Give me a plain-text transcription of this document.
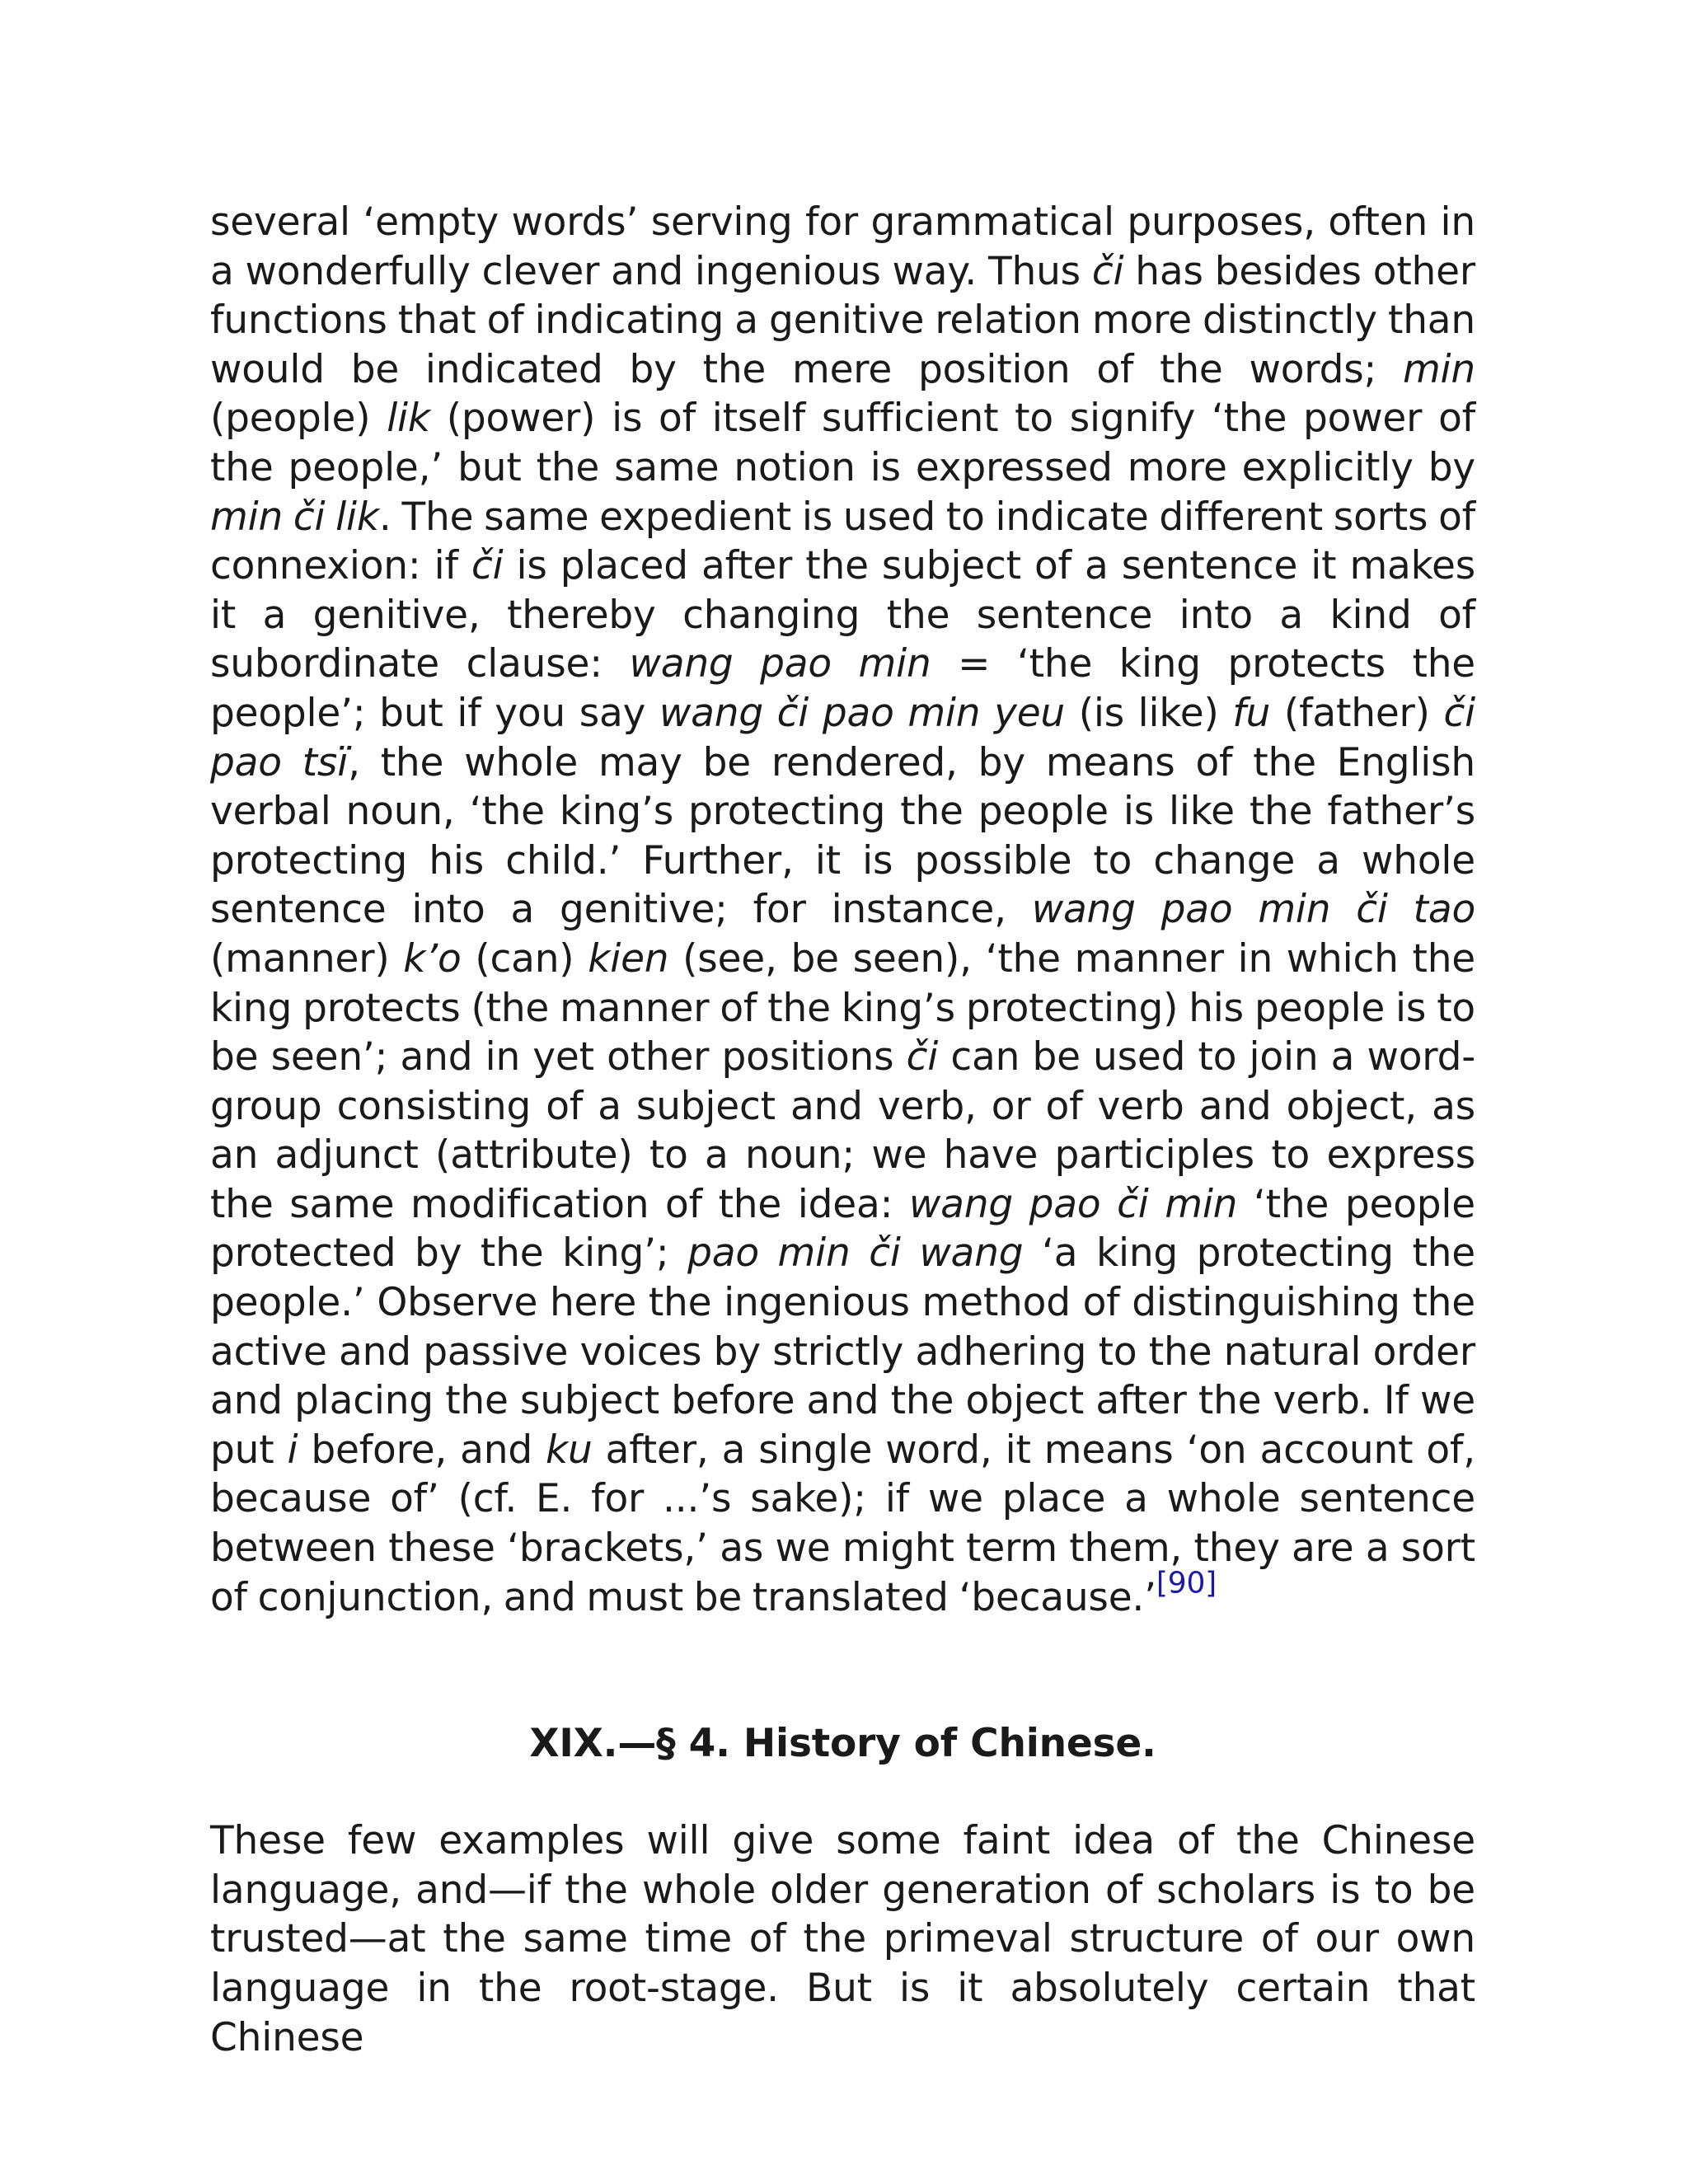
several ‘empty words’ serving for grammatical purposes, often in a wonderfully clever and ingenious way. Thus či has besides other functions that of indicating a genitive relation more distinctly than would be indicated by the mere position of the words; min (people) lik (power) is of itself sufficient to signify ‘the power of the people,’ but the same notion is expressed more explicitly by min či lik. The same expedient is used to indicate different sorts of connexion: if či is placed after the subject of a sentence it makes it a genitive, thereby changing the sentence into a kind of subordinate clause: wang pao min = ‘the king protects the people’; but if you say wang či pao min yeu (is like) fu (father) či pao tsï, the whole may be rendered, by means of the English verbal noun, ‘the king’s protecting the people is like the father’s protecting his child.’ Further, it is possible to change a whole sentence into a genitive; for instance, wang pao min či tao (manner) k’o (can) kien (see, be seen), ‘the manner in which the king protects (the manner of the king’s protecting) his people is to be seen’; and in yet other positions či can be used to join a word-group consisting of a subject and verb, or of verb and object, as an adjunct (attribute) to a noun; we have participles to express the same modification of the idea: wang pao či min ‘the people protected by the king’; pao min či wang ‘a king protecting the people.’ Observe here the ingenious method of distinguishing the active and passive voices by strictly adhering to the natural order and placing the subject before and the object after the verb. If we put i before, and ku after, a single word, it means ‘on account of, because of’ (cf. E. for ...’s sake); if we place a whole sentence between these ‘brackets,’ as we might term them, they are a sort of conjunction, and must be translated ‘because.’[90]

XIX.—§ 4. History of Chinese.

These few examples will give some faint idea of the Chinese language, and—if the whole older generation of scholars is to be trusted—at the same time of the primeval structure of our own language in the root-stage. But is it absolutely certain that Chinese
